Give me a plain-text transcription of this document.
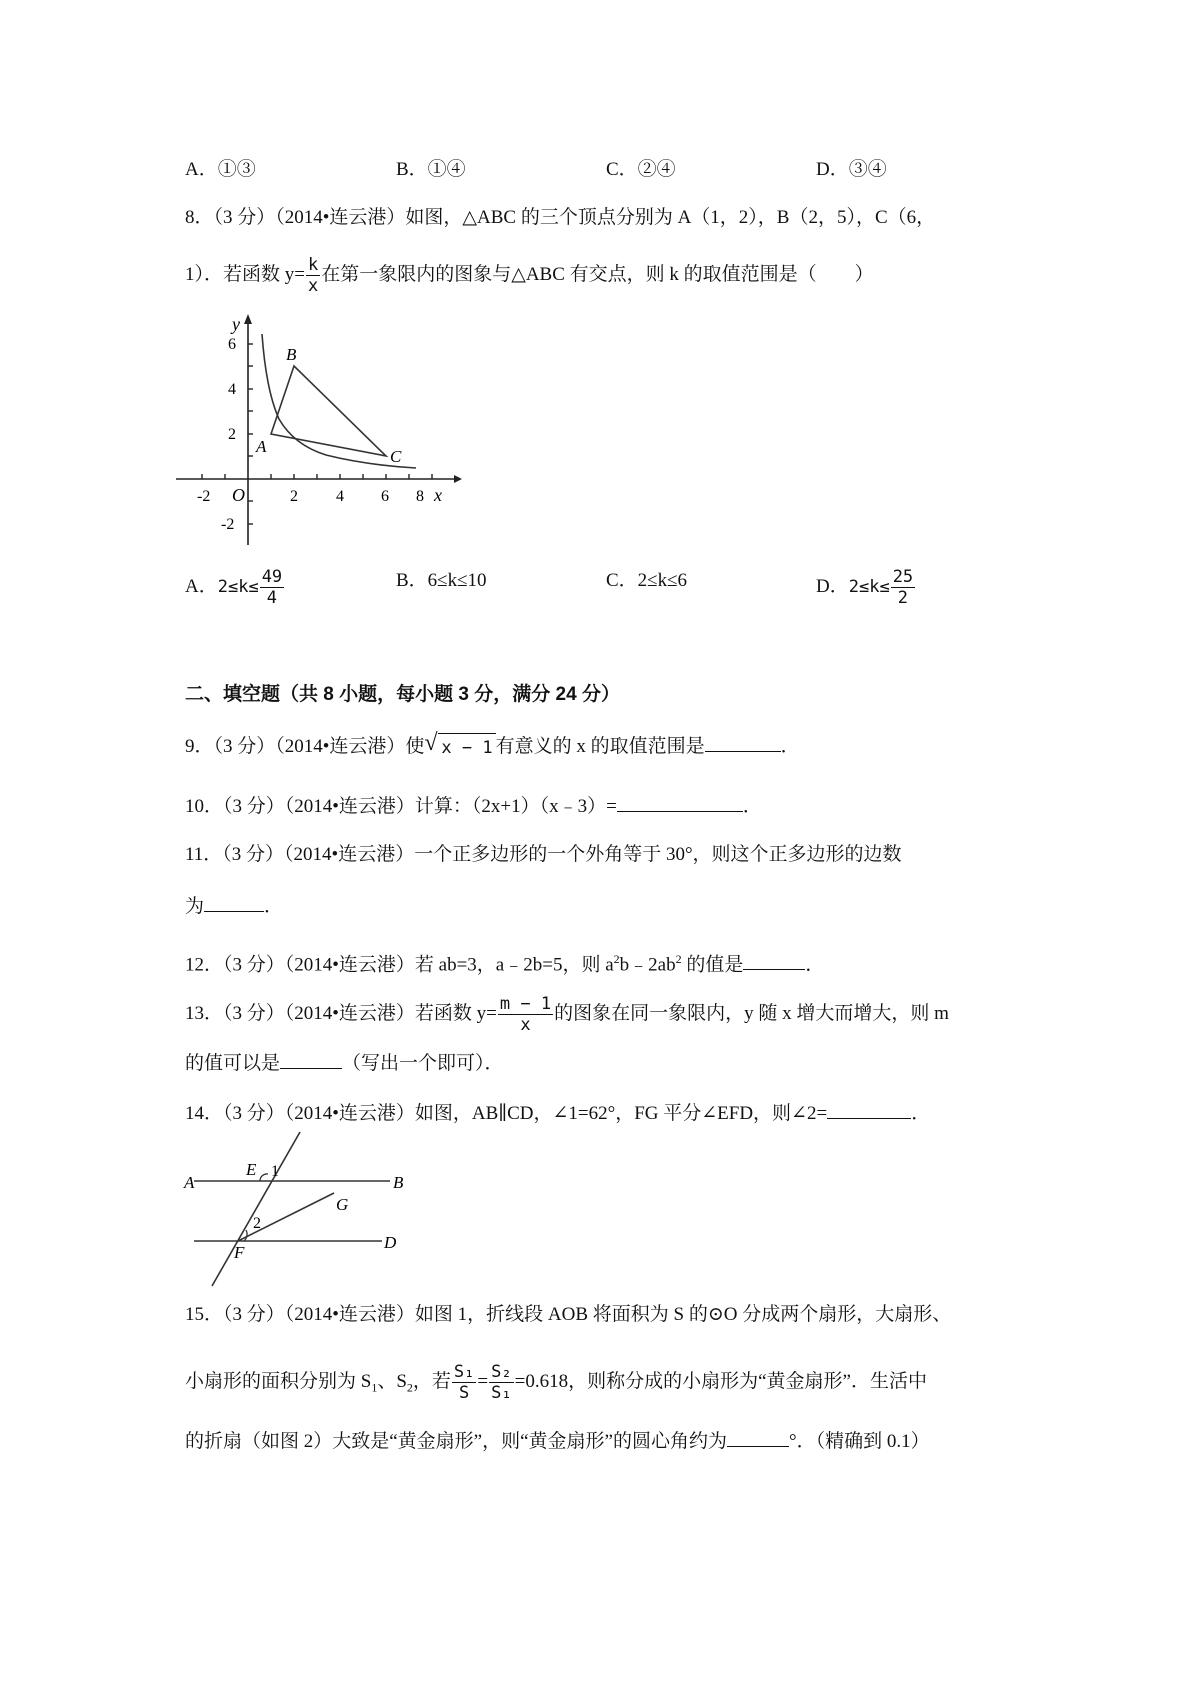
A．①③	B．①④	C．②④	D．③④
8．（3 分）（2014•连云港）如图，△ABC 的三个顶点分别为 A（1，2），B（2，5），C（6，
1）．若函数 $y= \frac{k}{x}$ 在第一象限内的图象与△ABC 有交点，则 k 的取值范围是（　　）
y
x
O
-2	2 4 6 8
6
4
2
-2
A
B
C
A．$2\le k\le \frac{49}{4}$	B．6≤k≤10	C．2≤k≤6	D．$2\le k\le \frac{25}{2}$
二、填空题（共 8 小题，每小题 3 分，满分 24 分）
9．（3 分）（2014•连云港）使 √ x − 1 有意义的 x 的取值范围是	．
10．（3 分）（2014•连云港）计算：（2x+1）（x﹣3）=	．
11．（3 分）（2014•连云港）一个正多边形的一个外角等于 30°，则这个正多边形的边数
为	．
12．（3 分）（2014•连云港）若 ab=3，a﹣2b=5，则 $a^2b﹣2ab^2$ 的值是	．
13．（3 分）（2014•连云港）若函数 $y= \frac{m - 1}{x}$ 的图象在同一象限内，y 随 x 增大而增大，则 m
的值可以是	（写出一个即可）．
14．（3 分）（2014•连云港）如图，AB∥CD，∠1=62°，FG 平分∠EFD，则∠2=	．
A	B
D
E
F
G
1
2
15．（3 分）（2014•连云港）如图 1，折线段 AOB 将面积为 S 的⊙O 分成两个扇形，大扇形、
小扇形的面积分别为 $S_1$、$S_2$，若 $\frac{\text{S₁}}{S} = \frac{\text{S₂}}{\text{S₁}} =0.618$，则称分成的小扇形为“黄金扇形”．生活中
的折扇（如图 2）大致是“黄金扇形”，则“黄金扇形”的圆心角约为	°．（精确到 0.1）
